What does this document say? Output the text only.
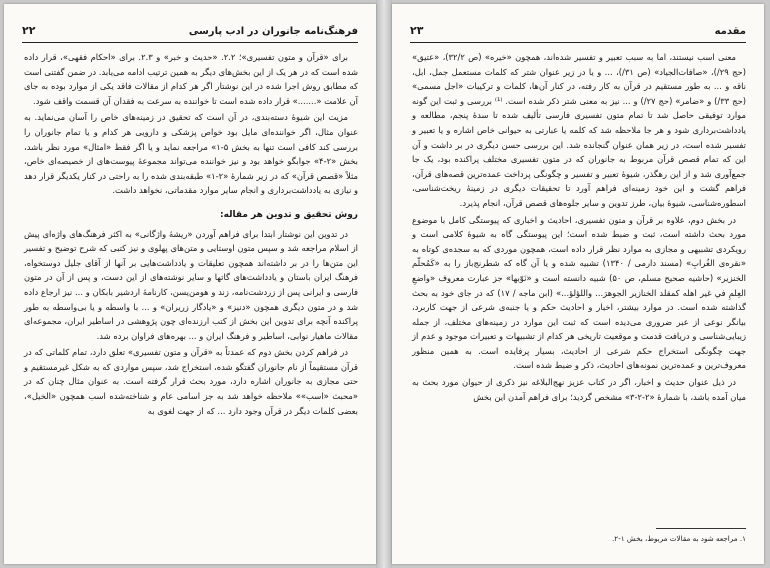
فرهنگ‌نامه جانوران در ادب پارسی
۲۲

برای «قرآن و متون تفسیری»؛ ۲.۲. «حدیث و خبر» و ۲.۳. برای «احکام فقهی»، قرار داده شده است که در هر یک از این بخش‌های دیگر به همین ترتیب ادامه می‌یابد. در ضمن گفتنی است که مطابق روش اجرا شده در این نوشتار اگر هر کدام از مقالات فاقد یکی از موارد بوده به جای آن علامت «.......» قرار داده شده است تا خواننده به سرعت به فقدان آن قسمت واقف شود.

مزیت این شیوهٔ دسته‌بندی، در آن است که تحقیق در زمینه‌های خاص را آسان می‌نماید. به عنوان مثال، اگر خواننده‌ای مایل بود خواص پزشکی و دارویی هر کدام و یا تمام جانوران را بررسی کند کافی است تنها به بخش ۵-۱» مراجعه نماید و یا اگر فقط «امثال» مورد نظر باشد، بخش «۲-۴» جوابگو خواهد بود و نیز خواننده می‌تواند مجموعهٔ پیوست‌های از خصیصه‌ای خاص، مثلاً «قصص قرآن» که در زیر شمارهٔ «۲-۱» طبقه‌بندی شده را به راحتی در کنار یکدیگر قرار دهد و نیازی به یادداشت‌برداری و انجام سایر موارد مقدماتی، نخواهد داشت.

روش تحقیق و تدوین هر مقاله:

در تدوین این نوشتار ابتدا برای فراهم آوردن «ریشهٔ واژگانی» به اکثر فرهنگ‌های واژه‌ای پیش از اسلام مراجعه شد و سپس متون اوستایی و متن‌های پهلوی و نیز کتبی که شرح توضیح و تفسیر این متن‌ها را در بر داشته‌اند همچون تعلیقات و یادداشت‌هایی بر آنها از آقای جلیل دوستخواه، فرهنگ ایران باستان و یادداشت‌های گاتها و سایر نوشته‌های از این دست، و پس از آن در متون فارسی و ایرانی پس از زردشت‌نامه، زند و هومن‌یسن، کارنامهٔ اردشیر بابکان و ... نیز ارجاع داده شد و در متون دیگری همچون «دنیز» و «یادگار زریران» و ... با واسطه و یا بی‌واسطه به طور پراکنده آنچه برای تدوین این بخش از کتب ارزنده‌ای چون پژوهشی در اساطیر ایران، مجموعه‌ای مقالات ماهیار نوابی، اساطیر و فرهنگ ایران و ... بهره‌های فراوان برده شد.

در فراهم کردن بخش دوم که عمدتاً به «قرآن و متون تفسیری» تعلق دارد، تمام کلماتی که در قرآن مستقیماً از نام جانوران گفتگو شده، استخراج شد، سپس مواردی که به شکل غیرمستقیم و حتی مجازی به جانوران اشاره دارد، مورد بحث قرار گرفته است. به عنوان مثال چنان که در «محبث «اسب»» ملاحظه خواهد شد به جز اسامی عام و شناخته‌شده اسب همچون «الخیل»، بعضی کلمات دیگر در قرآن وجود دارد ... که از جهت لغوی به

مقدمه
۲۳

معنی اسب نیستند، اما به سبب تعبیر و تفسیر شده‌اند، همچون «خیره» (ص ۳۲/۲)، «عتیق» (حج ۲۹/)، «صافات‌الجیاد» (ص ۳۱/)، ... و یا در زیر عنوان شتر که کلمات مستعمل جمل، ابل، ناقه و ... به طور مستقیم در قرآن به کار رفته، در کنار آن‌ها، کلمات و ترکیبات «اجل مسمی» (حج ۳۳/) و «ضامر» (حج ۲۷/) و ... نیز به معنی شتر ذکر شده است. ⁽¹⁾ بررسی و ثبت این گونه موارد توفیقی حاصل شد تا تمام متون تفسیری فارسی تألیف شده تا سدهٔ پنجم، مطالعه و یادداشت‌برداری شود و هر جا ملاحظه شد که کلمه یا عبارتی به حیوانی خاص اشاره و یا تعبیر و تفسیر شده است، در زیر همان عنوان گنجانده شد. این بررسی حسن دیگری در بر داشت و آن این که تمام قصص قرآن مربوط به جانوران که در متون تفسیری مختلف پراکنده بود، یک جا جمع‌آوری شد و از این رهگذر، شیوهٔ تعبیر و تفسیر و چگونگی پرداخت عمده‌ترین قصه‌های قرآن، فراهم گشت و این خود زمینه‌ای فراهم آورد تا تحقیقات دیگری در زمینهٔ ریخت‌شناسی، اسطوره‌شناسی، شیوهٔ بیان، طرز تدوین و سایر جلوه‌های قصص قرآن، انجام پذیرد.

در بخش دوم، علاوه بر قرآن و متون تفسیری، احادیث و اخباری که پیوستگی کامل با موضوع مورد بحث داشته است، ثبت و ضبط شده است؛ این پیوستگی گاه به شیوهٔ کلامی است و رویکردی تشبیهی و مجازی به موارد نظر قرار داده است، همچون موردی که به سجده‌ی کوتاه به «نقره‌ی الغُرابِ» (مسند دارمی / ۱۳۴۰) تشبیه شده و یا آن گاه که شطرنج‌باز را به «کَمُحلّم الخنزیر» (حاشیه صحیح مسلم، ص ۵۰) شبیه دانسته است و «نَوّبها» جز عبارت معروف «واضعِ العِلمِ في غیر اهله کمقلد الخنازیر الجوهرَ... واللؤلؤ...» (ابن ماجه / ۱۷) که در جای خود به بحث گذاشته شده است. در موارد بیشتر، اخبار و احادیث حکم و یا جنبه‌ی شرعی از جهت کاربرد، بیانگر نوعی از عبر ضروری می‌دیده است که ثبت این موارد در زمینه‌های مختلف، از جمله زیبایی‌شناسی و دریافت قدمت و موقعیت تاریخی هر کدام از تشبیهات و تعبیرات موجود و عدم از جهت چگونگی استخراج حکم شرعی از احادیث، بسیار پرفایده است. به همین منظور معروف‌ترین و عمده‌ترین نمونه‌های احادیث، ذکر و ضبط شده است.

در ذیل عنوان حدیث و اخبار، اگر در کتاب عزیز نهج‌البلاغه نیز ذکری از حیوان مورد بحث به میان آمده باشد، با شمارهٔ «۲-۲-۳» مشخص گردید؛ برای فراهم آمدن این بخش

۱. مراجعه شود به مقالات مربوط، بخش ۱-۲.
